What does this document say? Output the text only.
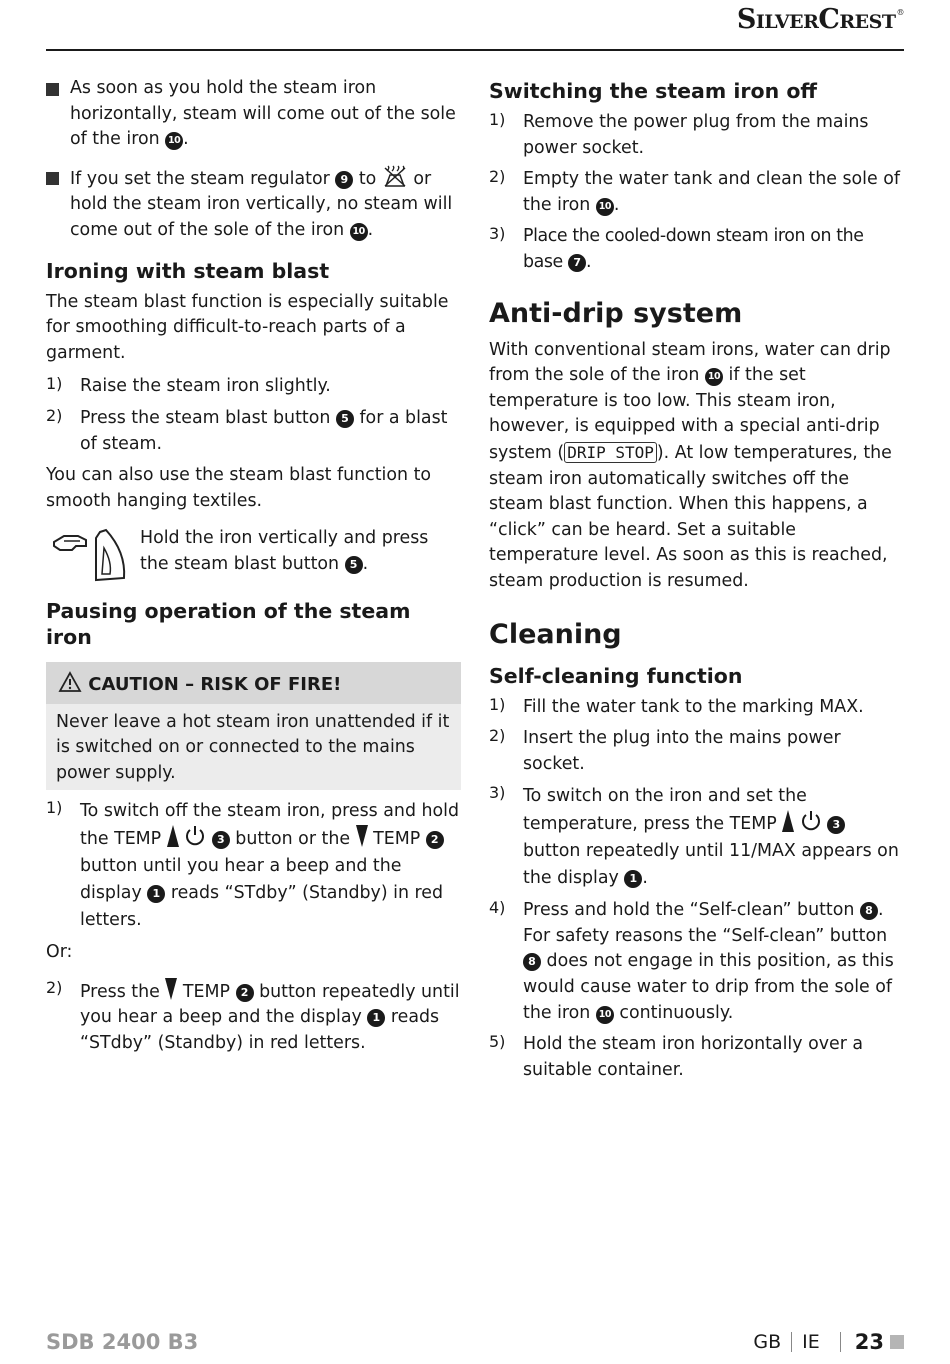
SilverCrest®

As soon as you hold the steam iron horizontally, steam will come out of the sole of the iron 10 .

If you set the steam regulator 9 to or hold the steam iron vertically, no steam will come out of the sole of the iron 10 .

Ironing with steam blast

The steam blast function is especially suitable for smoothing difficult-to-reach parts of a garment.

1) Raise the steam iron slightly.

2) Press the steam blast button 5 for a blast of steam.

You can also use the steam blast function to smooth hanging textiles.

Hold the iron vertically and press the steam blast button 5 .

Pausing operation of the steam iron
CAUTION – RISK OF FIRE!

Never leave a hot steam iron unattended if it is switched on or connected to the mains power supply.

1) To switch off the steam iron, press and hold the TEMP	3 button or the TEMP 2 button until you hear a beep and the display 1 reads “STdby” (Standby) in red letters.

Or:

2) Press the TEMP 2 button repeatedly until you hear a beep and the display 1 reads “STdby” (Standby) in red letters.

Switching the steam iron off
1) Remove the power plug from the mains power socket.

2) Empty the water tank and clean the sole of the iron 10 .

3) Place the cooled-down steam iron on the base 7 .

Anti-drip system

With conventional steam irons, water can drip from the sole of the iron 10 if the set temperature is too low. This steam iron, however, is equipped with a special anti-drip system ( DRIP STOP ). At low temperatures, the steam iron automatically switches off the steam blast function. When this happens, a “click” can be heard. Set a suitable temperature level. As soon as this is reached, steam production is resumed.

Cleaning
Self-cleaning function
1) Fill the water tank to the marking MAX.

2) Insert the plug into the mains power socket.

3) To switch on the iron and set the temperature, press the TEMP	3 button repeatedly until 11/MAX appears on the display 1 .

4) Press and hold the “Self-clean” button 8 .
For safety reasons the “Self-clean” button 8 does not engage in this position, as this would cause water to drip from the sole of the iron 10 continuously.

5) Hold the steam iron horizontally over a suitable container.

SDB 2400 B3	GB IE 23
